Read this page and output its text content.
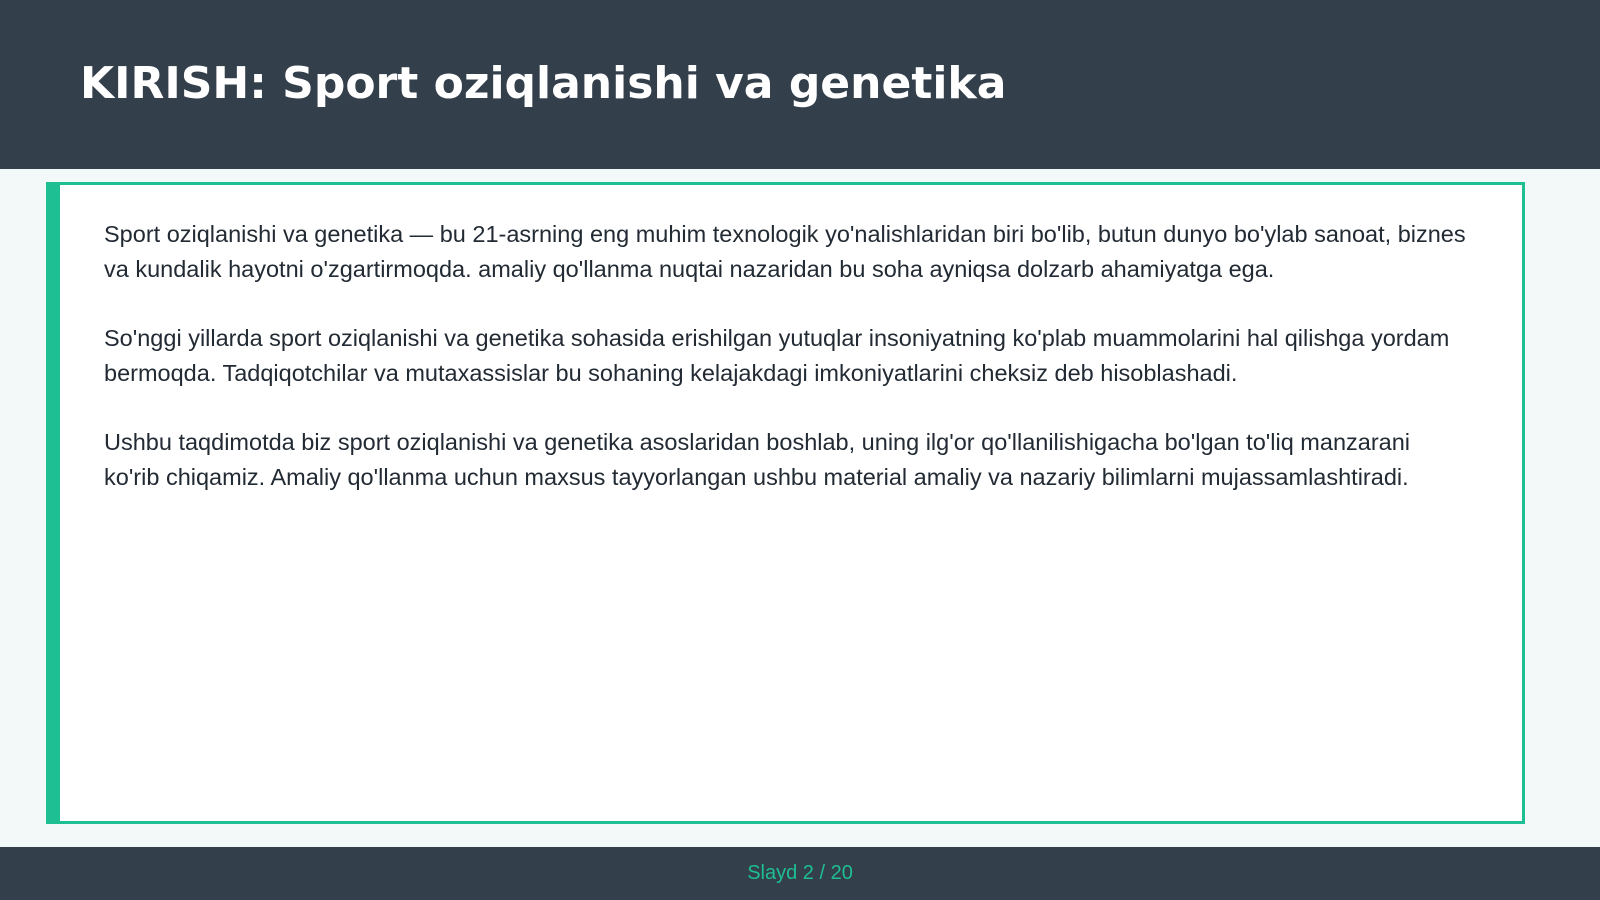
KIRISH: Sport oziqlanishi va genetika

Sport oziqlanishi va genetika — bu 21-asrning eng muhim texnologik yo'nalishlaridan biri bo'lib, butun dunyo bo'ylab sanoat, biznes va kundalik hayotni o'zgartirmoqda. amaliy qo'llanma nuqtai nazaridan bu soha ayniqsa dolzarb ahamiyatga ega.

So'nggi yillarda sport oziqlanishi va genetika sohasida erishilgan yutuqlar insoniyatning ko'plab muammolarini hal qilishga yordam bermoqda. Tadqiqotchilar va mutaxassislar bu sohaning kelajakdagi imkoniyatlarini cheksiz deb hisoblashadi.

Ushbu taqdimotda biz sport oziqlanishi va genetika asoslaridan boshlab, uning ilg'or qo'llanilishigacha bo'lgan to'liq manzarani ko'rib chiqamiz. Amaliy qo'llanma uchun maxsus tayyorlangan ushbu material amaliy va nazariy bilimlarni mujassamlashtiradi.

Slayd 2 / 20
